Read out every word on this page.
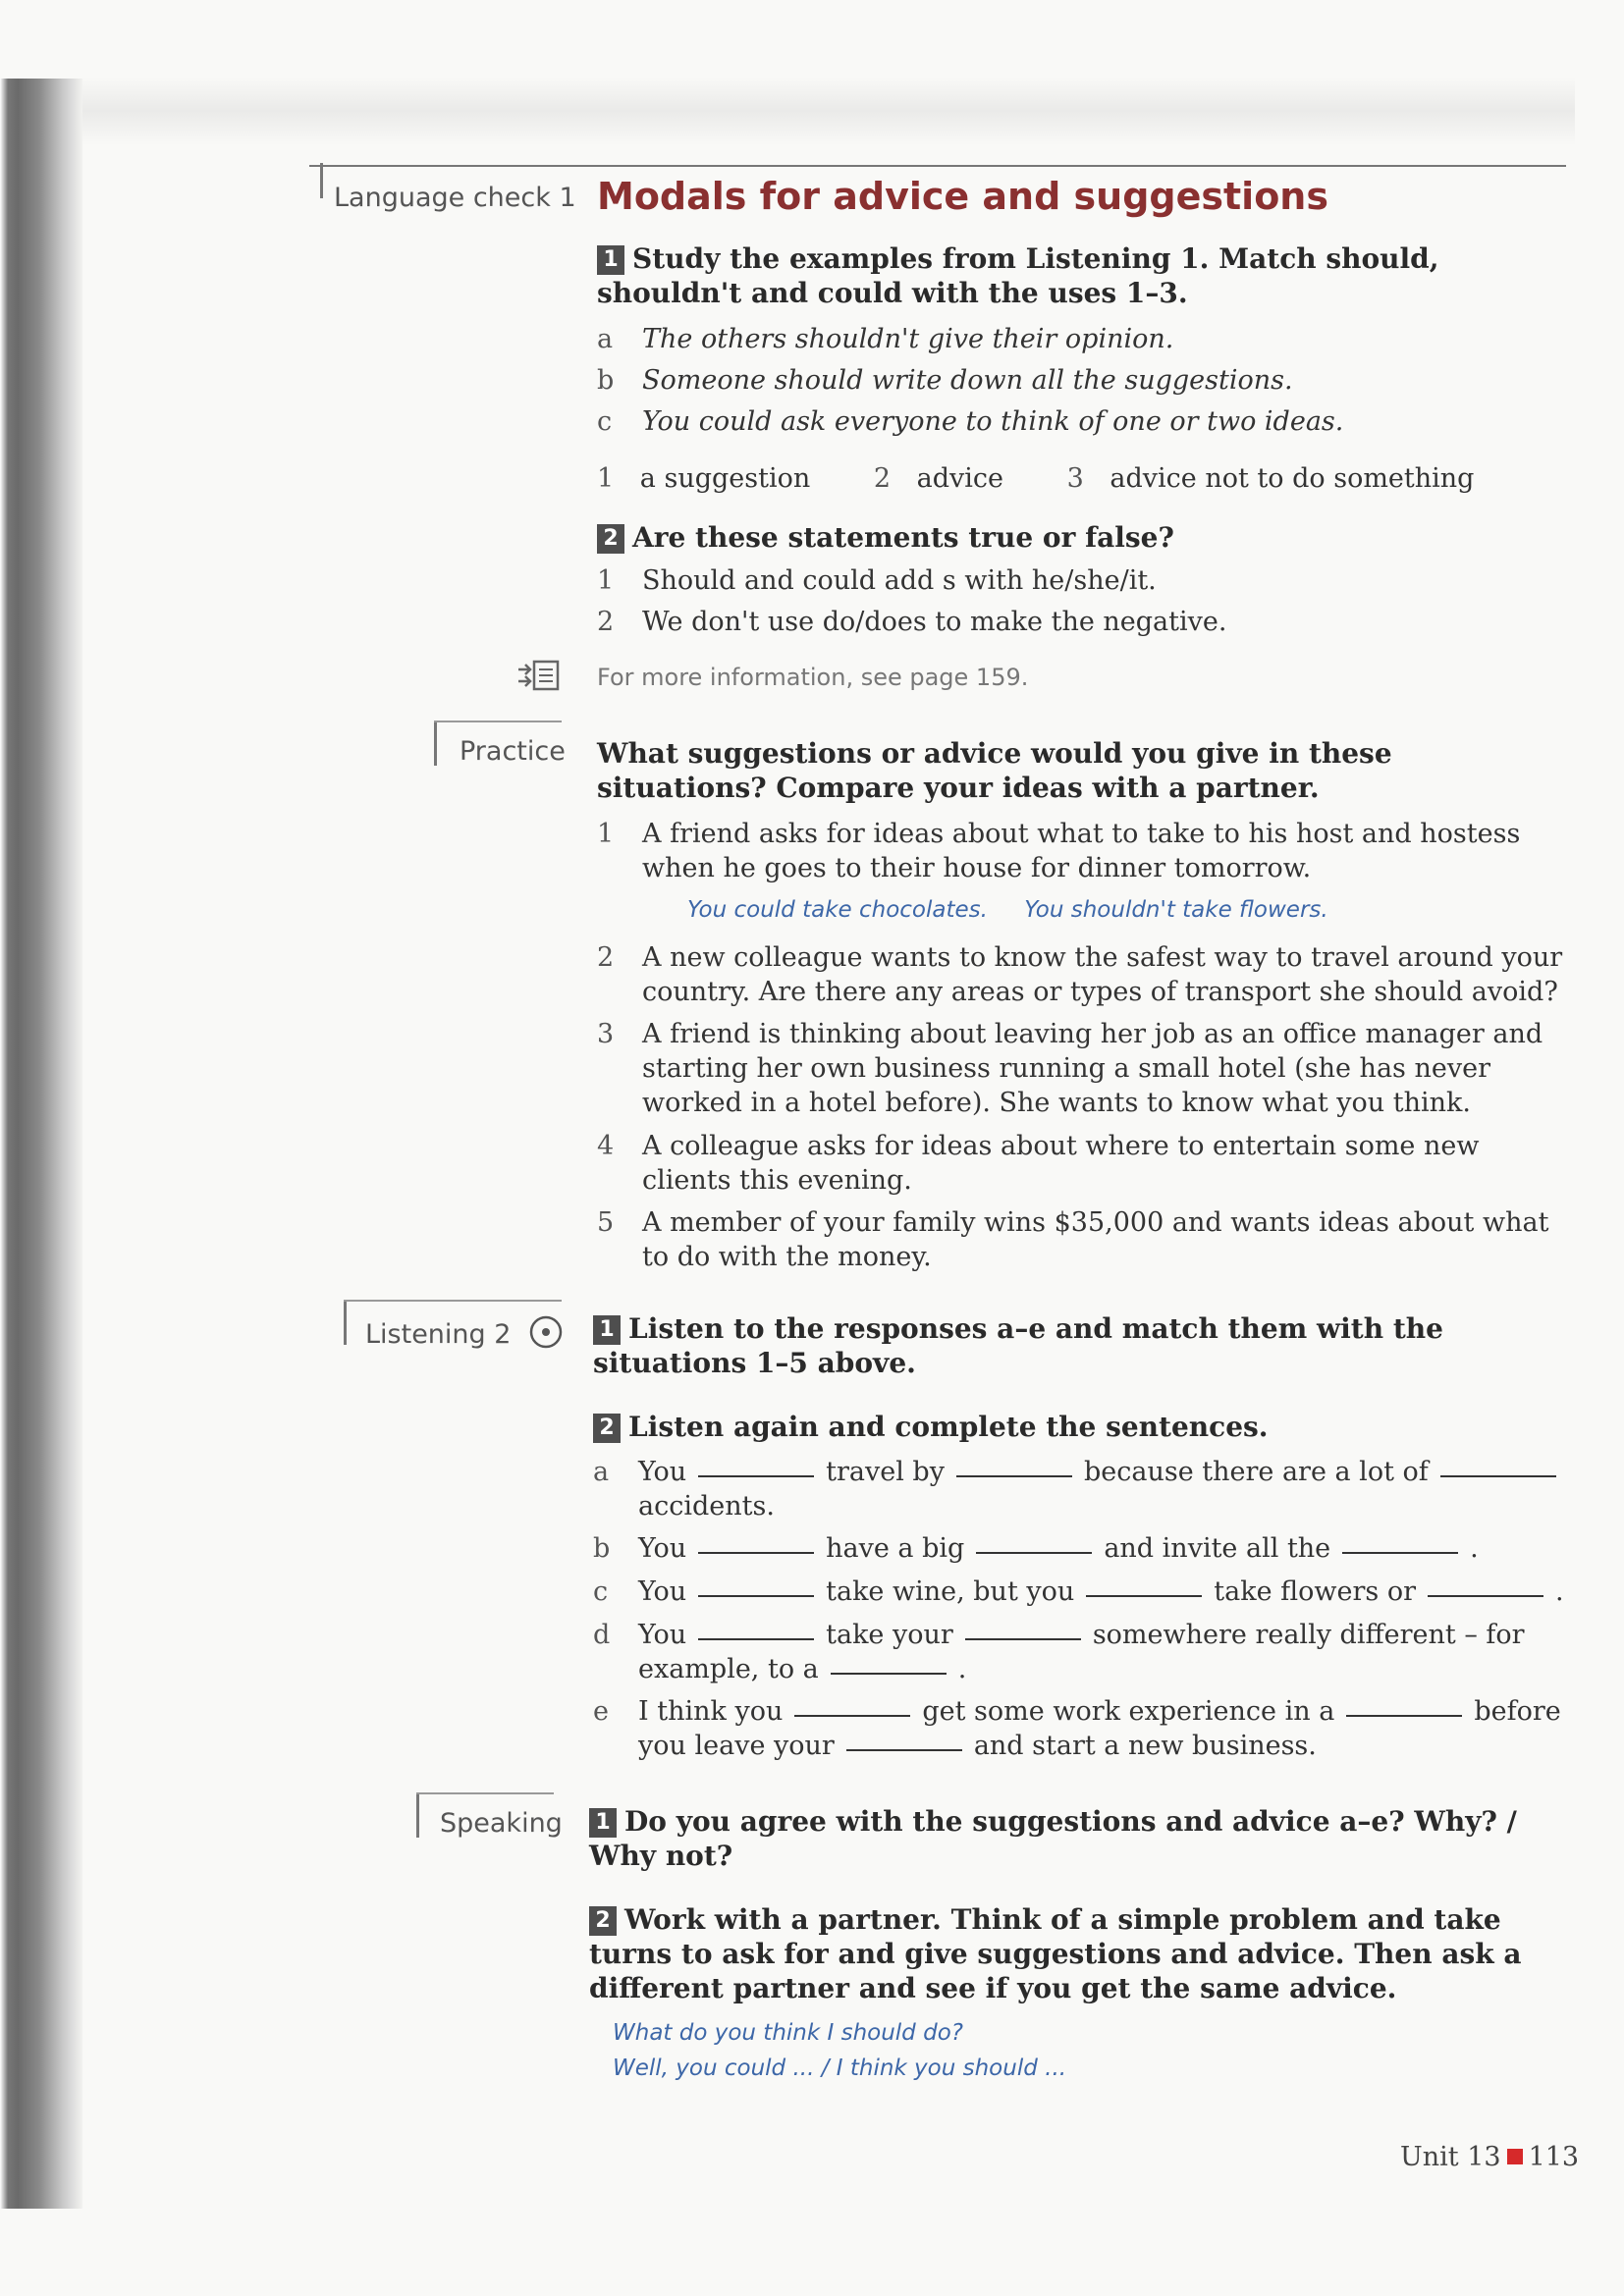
Language check 1 Modals for advice and suggestions
1 Study the examples from Listening 1. Match should, shouldn't and could with the uses 1–3.
a The others shouldn't give their opinion.
b Someone should write down all the suggestions.
c You could ask everyone to think of one or two ideas.
1 a suggestion 2 advice 3 advice not to do something
2 Are these statements true or false?
1 Should and could add s with he/she/it.
2 We don't use do/does to make the negative.
For more information, see page 159.
Practice What suggestions or advice would you give in these situations? Compare your ideas with a partner.
1 A friend asks for ideas about what to take to his host and hostess when he goes to their house for dinner tomorrow.
You could take chocolates. You shouldn't take flowers.
2 A new colleague wants to know the safest way to travel around your country. Are there any areas or types of transport she should avoid?
3 A friend is thinking about leaving her job as an office manager and starting her own business running a small hotel (she has never worked in a hotel before). She wants to know what you think.
4 A colleague asks for ideas about where to entertain some new clients this evening.
5 A member of your family wins $35,000 and wants ideas about what to do with the money.
Listening 2	1 Listen to the responses a–e and match them with the situations 1–5 above.
2 Listen again and complete the sentences.
a You	travel by	because there are a lot of
accidents.
b You	have a big	and invite all the	.
c You	take wine, but you	take flowers or	.
d You	take your	somewhere really different – for
example, to a	.
e I think you	get some work experience in a	before
you leave your	and start a new business.
Speaking 1 Do you agree with the suggestions and advice a–e? Why? / Why not?
2 Work with a partner. Think of a simple problem and take turns to ask for and give suggestions and advice. Then ask a different partner and see if you get the same advice.
What do you think I should do?
Well, you could ... / I think you should ...
Unit 13 113
